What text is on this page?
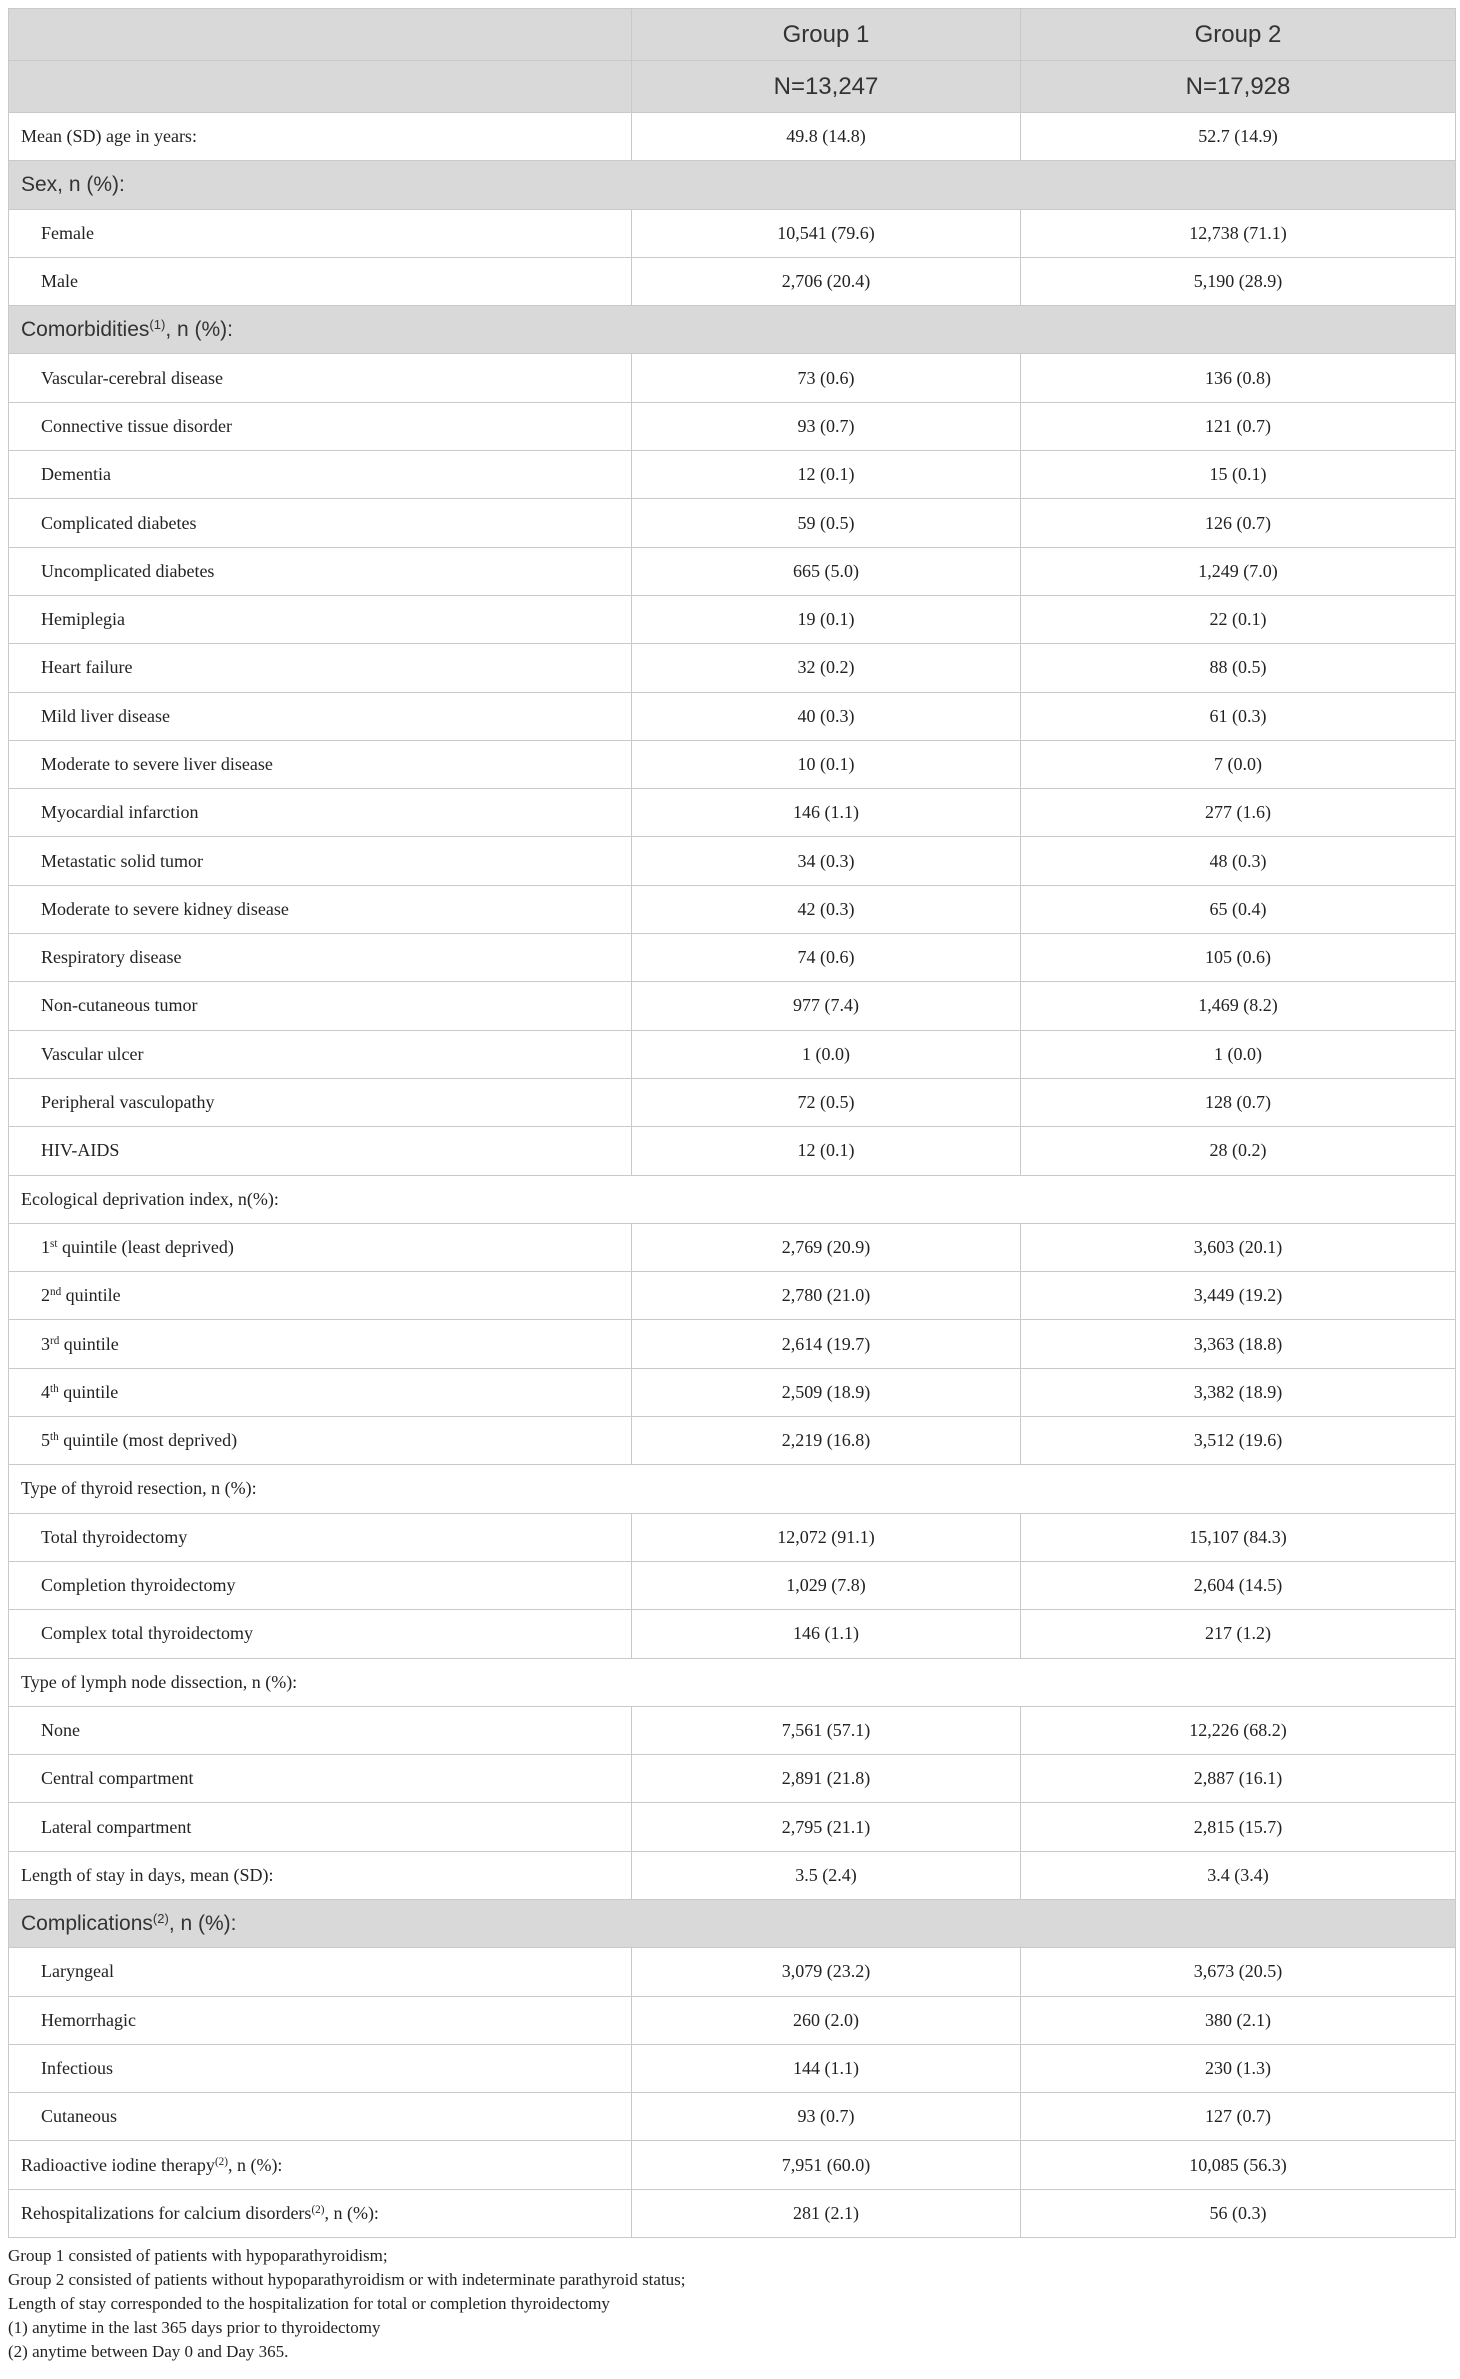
	Group 1	Group 2
	N=13,247	N=17,928
Mean (SD) age in years:	49.8 (14.8)	52.7 (14.9)
Sex, n (%):		
Female	10,541 (79.6)	12,738 (71.1)
Male	2,706 (20.4)	5,190 (28.9)
Comorbidities$^{(1)}$, n (%):		
Vascular-cerebral disease	73 (0.6)	136 (0.8)
Connective tissue disorder	93 (0.7)	121 (0.7)
Dementia	12 (0.1)	15 (0.1)
Complicated diabetes	59 (0.5)	126 (0.7)
Uncomplicated diabetes	665 (5.0)	1,249 (7.0)
Hemiplegia	19 (0.1)	22 (0.1)
Heart failure	32 (0.2)	88 (0.5)
Mild liver disease	40 (0.3)	61 (0.3)
Moderate to severe liver disease	10 (0.1)	7 (0.0)
Myocardial infarction	146 (1.1)	277 (1.6)
Metastatic solid tumor	34 (0.3)	48 (0.3)
Moderate to severe kidney disease	42 (0.3)	65 (0.4)
Respiratory disease	74 (0.6)	105 (0.6)
Non-cutaneous tumor	977 (7.4)	1,469 (8.2)
Vascular ulcer	1 (0.0)	1 (0.0)
Peripheral vasculopathy	72 (0.5)	128 (0.7)
HIV-AIDS	12 (0.1)	28 (0.2)
Ecological deprivation index, n(%):		
1st quintile (least deprived)	2,769 (20.9)	3,603 (20.1)
2nd quintile	2,780 (21.0)	3,449 (19.2)
3rd quintile	2,614 (19.7)	3,363 (18.8)
4th quintile	2,509 (18.9)	3,382 (18.9)
5th quintile (most deprived)	2,219 (16.8)	3,512 (19.6)
Type of thyroid resection, n (%):		
Total thyroidectomy	12,072 (91.1)	15,107 (84.3)
Completion thyroidectomy	1,029 (7.8)	2,604 (14.5)
Complex total thyroidectomy	146 (1.1)	217 (1.2)
Type of lymph node dissection, n (%):		
None	7,561 (57.1)	12,226 (68.2)
Central compartment	2,891 (21.8)	2,887 (16.1)
Lateral compartment	2,795 (21.1)	2,815 (15.7)
Length of stay in days, mean (SD):	3.5 (2.4)	3.4 (3.4)
Complications$^{(2)}$, n (%):		
Laryngeal	3,079 (23.2)	3,673 (20.5)
Hemorrhagic	260 (2.0)	380 (2.1)
Infectious	144 (1.1)	230 (1.3)
Cutaneous	93 (0.7)	127 (0.7)
Radioactive iodine therapy$^{(2)}$, n (%):	7,951 (60.0)	10,085 (56.3)
Rehospitalizations for calcium disorders$^{(2)}$, n (%):	281 (2.1)	56 (0.3)
Group 1 consisted of patients with hypoparathyroidism;
Group 2 consisted of patients without hypoparathyroidism or with indeterminate parathyroid status;
Length of stay corresponded to the hospitalization for total or completion thyroidectomy
(1) anytime in the last 365 days prior to thyroidectomy
(2) anytime between Day 0 and Day 365.
